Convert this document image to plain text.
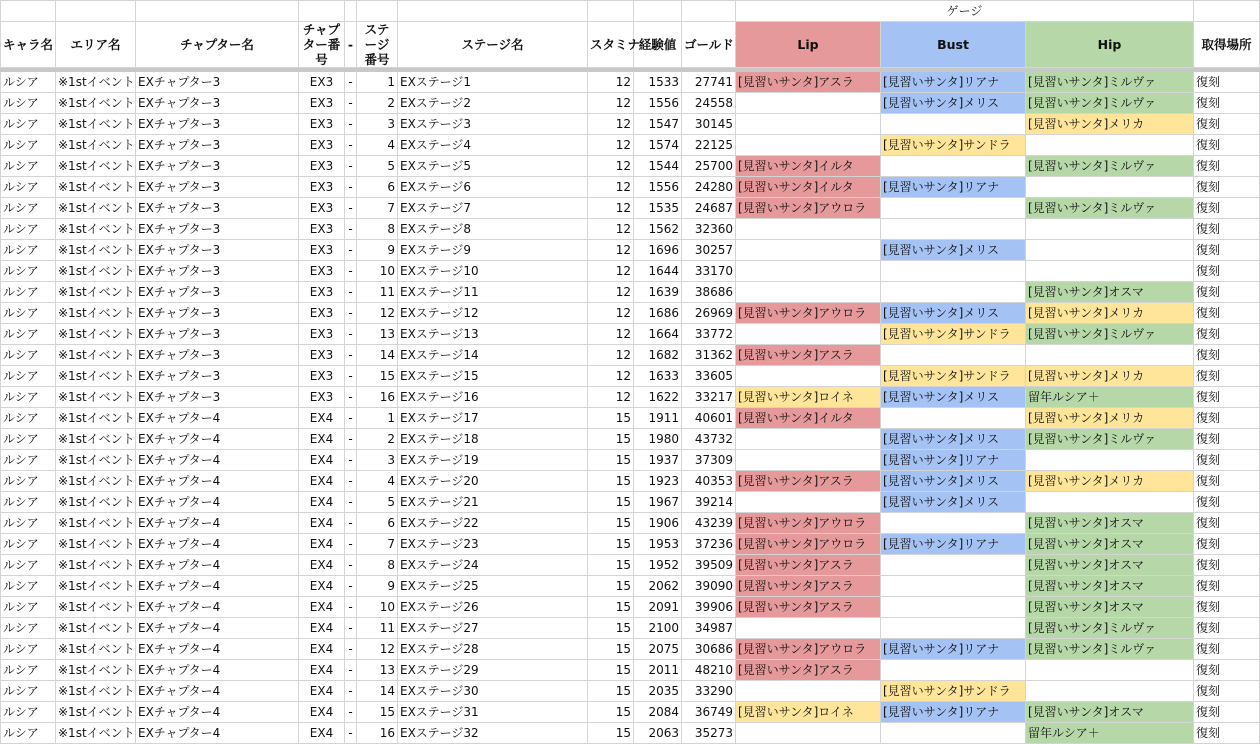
										ゲージ			
キャラ名	エリア名	チャプター名	チャプター番号	-	ステージ番号	ステージ名	スタミナ	経験値	ゴールド	Lip	Bust	Hip	取得場所

ルシア	※1stイベント	EXチャプター3	EX3	-	1	EXステージ1	12	1533	27741	[見習いサンタ]アスラ	[見習いサンタ]リアナ	[見習いサンタ]ミルヴァ	復刻
ルシア	※1stイベント	EXチャプター3	EX3	-	2	EXステージ2	12	1556	24558		[見習いサンタ]メリス	[見習いサンタ]ミルヴァ	復刻
ルシア	※1stイベント	EXチャプター3	EX3	-	3	EXステージ3	12	1547	30145			[見習いサンタ]メリカ	復刻
ルシア	※1stイベント	EXチャプター3	EX3	-	4	EXステージ4	12	1574	22125		[見習いサンタ]サンドラ		復刻
ルシア	※1stイベント	EXチャプター3	EX3	-	5	EXステージ5	12	1544	25700	[見習いサンタ]イルタ		[見習いサンタ]ミルヴァ	復刻
ルシア	※1stイベント	EXチャプター3	EX3	-	6	EXステージ6	12	1556	24280	[見習いサンタ]イルタ	[見習いサンタ]リアナ		復刻
ルシア	※1stイベント	EXチャプター3	EX3	-	7	EXステージ7	12	1535	24687	[見習いサンタ]アウロラ		[見習いサンタ]ミルヴァ	復刻
ルシア	※1stイベント	EXチャプター3	EX3	-	8	EXステージ8	12	1562	32360				復刻
ルシア	※1stイベント	EXチャプター3	EX3	-	9	EXステージ9	12	1696	30257		[見習いサンタ]メリス		復刻
ルシア	※1stイベント	EXチャプター3	EX3	-	10	EXステージ10	12	1644	33170				復刻
ルシア	※1stイベント	EXチャプター3	EX3	-	11	EXステージ11	12	1639	38686			[見習いサンタ]オスマ	復刻
ルシア	※1stイベント	EXチャプター3	EX3	-	12	EXステージ12	12	1686	26969	[見習いサンタ]アウロラ	[見習いサンタ]メリス	[見習いサンタ]メリカ	復刻
ルシア	※1stイベント	EXチャプター3	EX3	-	13	EXステージ13	12	1664	33772		[見習いサンタ]サンドラ	[見習いサンタ]ミルヴァ	復刻
ルシア	※1stイベント	EXチャプター3	EX3	-	14	EXステージ14	12	1682	31362	[見習いサンタ]アスラ			復刻
ルシア	※1stイベント	EXチャプター3	EX3	-	15	EXステージ15	12	1633	33605		[見習いサンタ]サンドラ	[見習いサンタ]メリカ	復刻
ルシア	※1stイベント	EXチャプター3	EX3	-	16	EXステージ16	12	1622	33217	[見習いサンタ]ロイネ	[見習いサンタ]メリス	留年ルシア＋	復刻
ルシア	※1stイベント	EXチャプター4	EX4	-	1	EXステージ17	15	1911	40601	[見習いサンタ]イルタ		[見習いサンタ]メリカ	復刻
ルシア	※1stイベント	EXチャプター4	EX4	-	2	EXステージ18	15	1980	43732		[見習いサンタ]メリス	[見習いサンタ]ミルヴァ	復刻
ルシア	※1stイベント	EXチャプター4	EX4	-	3	EXステージ19	15	1937	37309		[見習いサンタ]リアナ		復刻
ルシア	※1stイベント	EXチャプター4	EX4	-	4	EXステージ20	15	1923	40353	[見習いサンタ]アスラ	[見習いサンタ]メリス	[見習いサンタ]メリカ	復刻
ルシア	※1stイベント	EXチャプター4	EX4	-	5	EXステージ21	15	1967	39214		[見習いサンタ]メリス		復刻
ルシア	※1stイベント	EXチャプター4	EX4	-	6	EXステージ22	15	1906	43239	[見習いサンタ]アウロラ		[見習いサンタ]オスマ	復刻
ルシア	※1stイベント	EXチャプター4	EX4	-	7	EXステージ23	15	1953	37236	[見習いサンタ]アウロラ	[見習いサンタ]リアナ	[見習いサンタ]オスマ	復刻
ルシア	※1stイベント	EXチャプター4	EX4	-	8	EXステージ24	15	1952	39509	[見習いサンタ]アスラ		[見習いサンタ]オスマ	復刻
ルシア	※1stイベント	EXチャプター4	EX4	-	9	EXステージ25	15	2062	39090	[見習いサンタ]アスラ		[見習いサンタ]オスマ	復刻
ルシア	※1stイベント	EXチャプター4	EX4	-	10	EXステージ26	15	2091	39906	[見習いサンタ]アスラ		[見習いサンタ]オスマ	復刻
ルシア	※1stイベント	EXチャプター4	EX4	-	11	EXステージ27	15	2100	34987			[見習いサンタ]ミルヴァ	復刻
ルシア	※1stイベント	EXチャプター4	EX4	-	12	EXステージ28	15	2075	30686	[見習いサンタ]アウロラ	[見習いサンタ]リアナ	[見習いサンタ]ミルヴァ	復刻
ルシア	※1stイベント	EXチャプター4	EX4	-	13	EXステージ29	15	2011	48210	[見習いサンタ]アスラ			復刻
ルシア	※1stイベント	EXチャプター4	EX4	-	14	EXステージ30	15	2035	33290		[見習いサンタ]サンドラ		復刻
ルシア	※1stイベント	EXチャプター4	EX4	-	15	EXステージ31	15	2084	36749	[見習いサンタ]ロイネ	[見習いサンタ]リアナ	[見習いサンタ]オスマ	復刻
ルシア	※1stイベント	EXチャプター4	EX4	-	16	EXステージ32	15	2063	35273			留年ルシア＋	復刻
